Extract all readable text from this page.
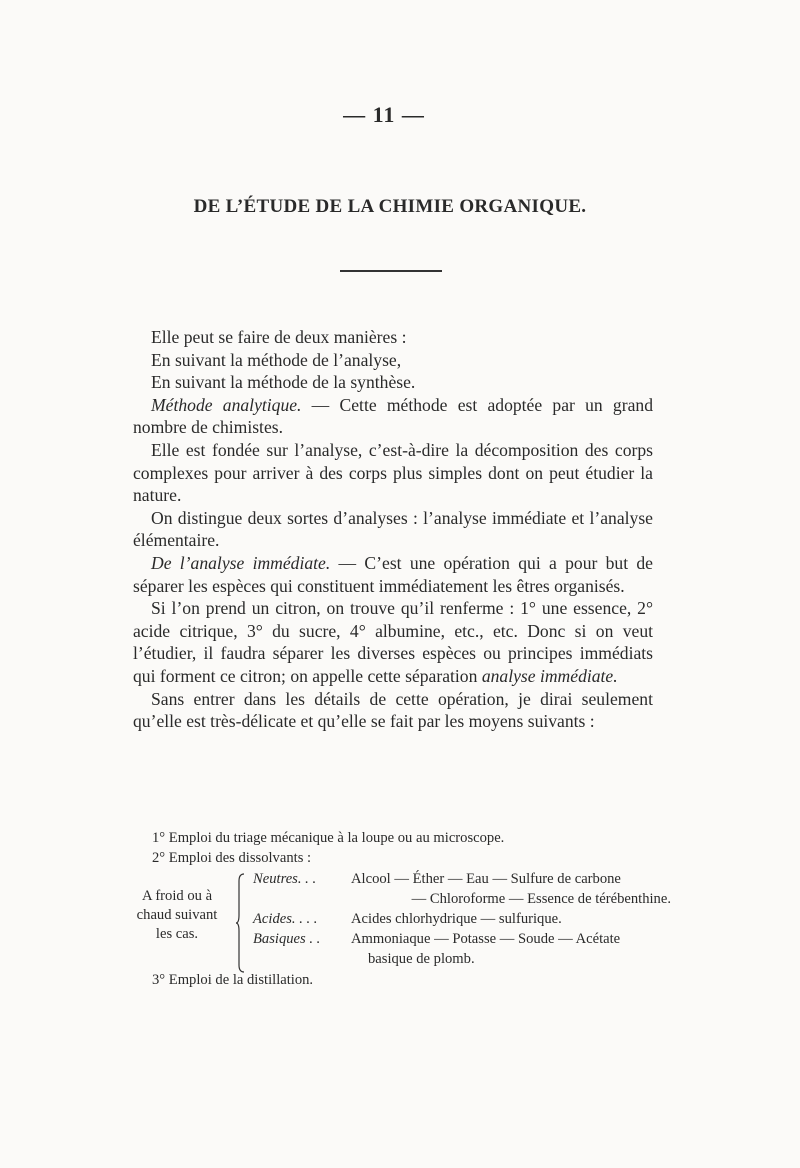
— 11 —
DE L’ÉTUDE DE LA CHIMIE ORGANIQUE.

Elle peut se faire de deux manières :

En suivant la méthode de l’analyse,

En suivant la méthode de la synthèse.

Méthode analytique. — Cette méthode est adoptée par un grand nombre de chimistes.

Elle est fondée sur l’analyse, c’est-à-dire la décomposition des corps complexes pour arriver à des corps plus simples dont on peut étudier la nature.

On distingue deux sortes d’analyses : l’analyse immédiate et l’analyse élémentaire.

De l’analyse immédiate. — C’est une opération qui a pour but de séparer les espèces qui constituent immédiatement les êtres organisés.

Si l’on prend un citron, on trouve qu’il renferme : 1° une essence, 2° acide citrique, 3° du sucre, 4° albumine, etc., etc. Donc si on veut l’étudier, il faudra séparer les diverses espèces ou principes immédiats qui forment ce citron; on appelle cette séparation analyse immédiate.

Sans entrer dans les détails de cette opération, je dirai seulement qu’elle est très-délicate et qu’elle se fait par les moyens suivants :

1° Emploi du triage mécanique à la loupe ou au microscope.
2° Emploi des dissolvants :
A froid ou à
chaud suivant
les cas.
Neutres. . .	Alcool — Éther — Eau — Sulfure de carbone
— Chloroforme — Essence de térébenthine.
Acides. . . .	Acides chlorhydrique — sulfurique.
Basiques . .	Ammoniaque — Potasse — Soude — Acétate
basique de plomb.
3° Emploi de la distillation.
